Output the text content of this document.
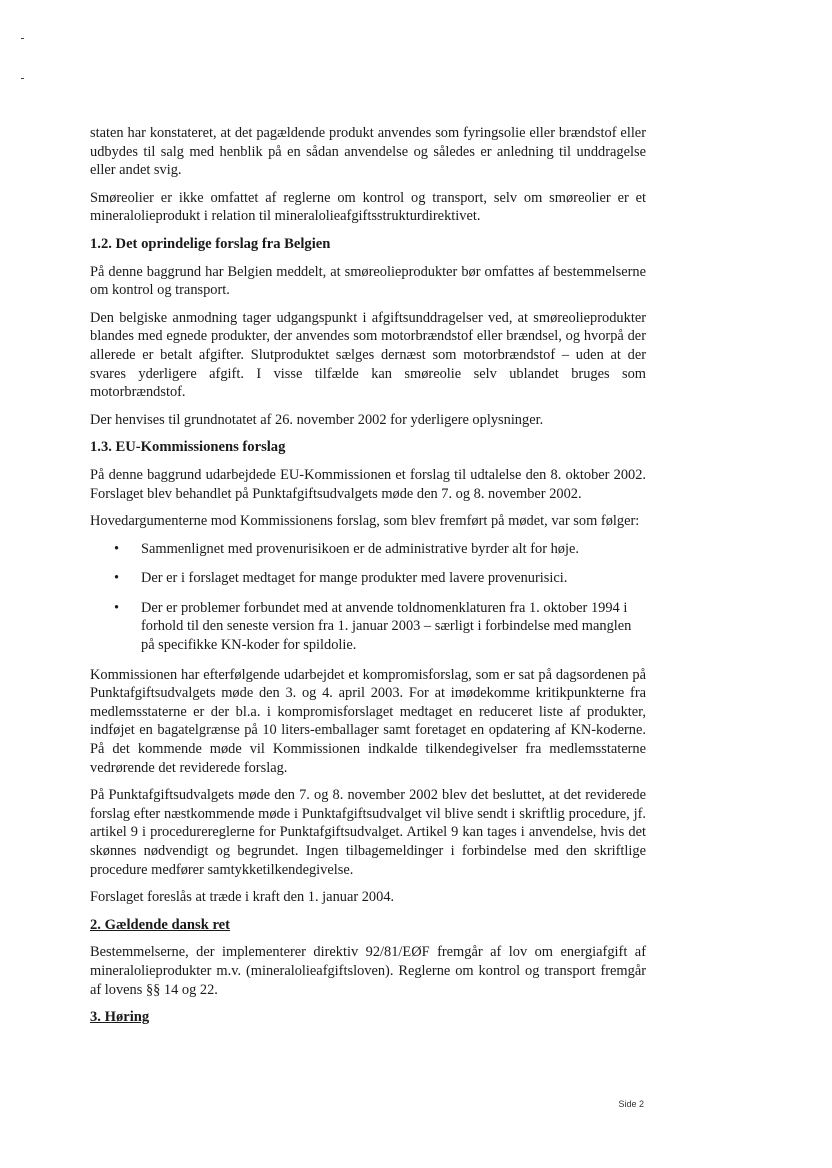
staten har konstateret, at det pagældende produkt anvendes som fyringsolie eller brændstof eller udbydes til salg med henblik på en sådan anvendelse og således er anledning til unddragelse eller andet svig.

Smøreolier er ikke omfattet af reglerne om kontrol og transport, selv om smøreolier er et mineralolieprodukt i relation til mineralolieafgiftsstrukturdirektivet.

1.2. Det oprindelige forslag fra Belgien

På denne baggrund har Belgien meddelt, at smøreolieprodukter bør omfattes af bestemmelserne om kontrol og transport.

Den belgiske anmodning tager udgangspunkt i afgiftsunddragelser ved, at smøreolieprodukter blandes med egnede produkter, der anvendes som motorbrændstof eller brændsel, og hvorpå der allerede er betalt afgifter. Slutproduktet sælges dernæst som motorbrændstof – uden at der svares yderligere afgift. I visse tilfælde kan smøreolie selv ublandet bruges som motorbrændstof.

Der henvises til grundnotatet af 26. november 2002 for yderligere oplysninger.

1.3. EU-Kommissionens forslag

På denne baggrund udarbejdede EU-Kommissionen et forslag til udtalelse den 8. oktober 2002. Forslaget blev behandlet på Punktafgiftsudvalgets møde den 7. og 8. november 2002.

Hovedargumenterne mod Kommissionens forslag, som blev fremført på mødet, var som følger:

• Sammenlignet med provenurisikoen er de administrative byrder alt for høje.
• Der er i forslaget medtaget for mange produkter med lavere provenurisici.
• Der er problemer forbundet med at anvende toldnomenklaturen fra 1. oktober 1994 i forhold til den seneste version fra 1. januar 2003 – særligt i forbindelse med manglen på specifikke KN-koder for spildolie.

Kommissionen har efterfølgende udarbejdet et kompromisforslag, som er sat på dagsordenen på Punktafgiftsudvalgets møde den 3. og 4. april 2003. For at imødekomme kritikpunkterne fra medlemsstaterne er der bl.a. i kompromisforslaget medtaget en reduceret liste af produkter, indføjet en bagatelgrænse på 10 liters-emballager samt foretaget en opdatering af KN-koderne. På det kommende møde vil Kommissionen indkalde tilkendegivelser fra medlemsstaterne vedrørende det reviderede forslag.

På Punktafgiftsudvalgets møde den 7. og 8. november 2002 blev det besluttet, at det reviderede forslag efter næstkommende møde i Punktafgiftsudvalget vil blive sendt i skriftlig procedure, jf. artikel 9 i procedurereglerne for Punktafgiftsudvalget. Artikel 9 kan tages i anvendelse, hvis det skønnes nødvendigt og begrundet. Ingen tilbagemeldinger i forbindelse med den skriftlige procedure medfører samtykketilkendegivelse.

Forslaget foreslås at træde i kraft den 1. januar 2004.

2. Gældende dansk ret

Bestemmelserne, der implementerer direktiv 92/81/EØF fremgår af lov om energiafgift af mineralolieprodukter m.v. (mineralolieafgiftsloven). Reglerne om kontrol og transport fremgår af lovens §§ 14 og 22.

3. Høring
Side 2
